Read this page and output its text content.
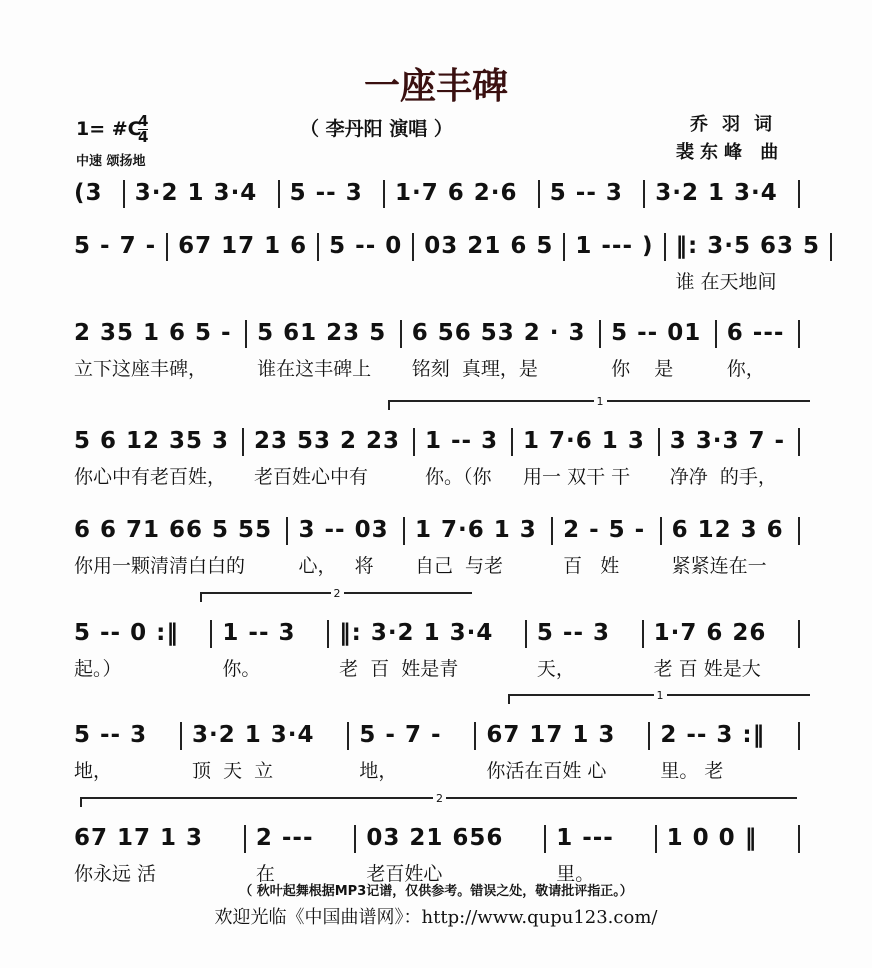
一座丰碑
（ 李丹阳 演唱 ）
1= #C
4
4
中速 颂扬地
乔羽词
裴东峰 曲
(3	3·2 1 3·4	5 -- 3	1·7 6 2·6	5 -- 3	3·2 1 3·4
5 - 7 - 67 17 1 6 5 -- 0 03 21 6 5 1 --- ) ‖: 3·5 63 5
谁 在天地间
2 35 1 6 5 -
立下这座丰碑，
5 61 23 5
谁在这丰碑上
6 56 53 2 · 3
铭刻  真理，是
5 -- 01
你    是
6 ---
你，
1
5 6 12 35 3
你心中有老百姓，
23 53 2 23
老百姓心中有
1 -- 3
你。（你
1 7·6 1 3
用一 双干 干
3 3·3 7 -
净净  的手，
6 6 71 66 5 55
你用一颗清清白白的
3 -- 03
心，   将
1 7·6 1 3
自己  与老
2 - 5 -
百   姓
6 12 3 6
紧紧连在一
2
5 -- 0 :‖
起。）
1 -- 3
你。
‖: 3·2 1 3·4
老  百  姓是青
5 -- 3
天，
1·7 6 26
老 百 姓是大
1
5 -- 3
地，
3·2 1 3·4
顶  天  立
5 - 7 -
地，
67 17 1 3
你活在百姓 心
2 -- 3 :‖
里。 老
2
67 17 1 3
你永远 活
2 ---
在
03 21 656
老百姓心
1 ---
里。
1 0 0 ‖
（ 秋叶起舞根据MP3记谱，仅供参考。错误之处，敬请批评指正。）
欢迎光临《中国曲谱网》：http://www.qupu123.com/
